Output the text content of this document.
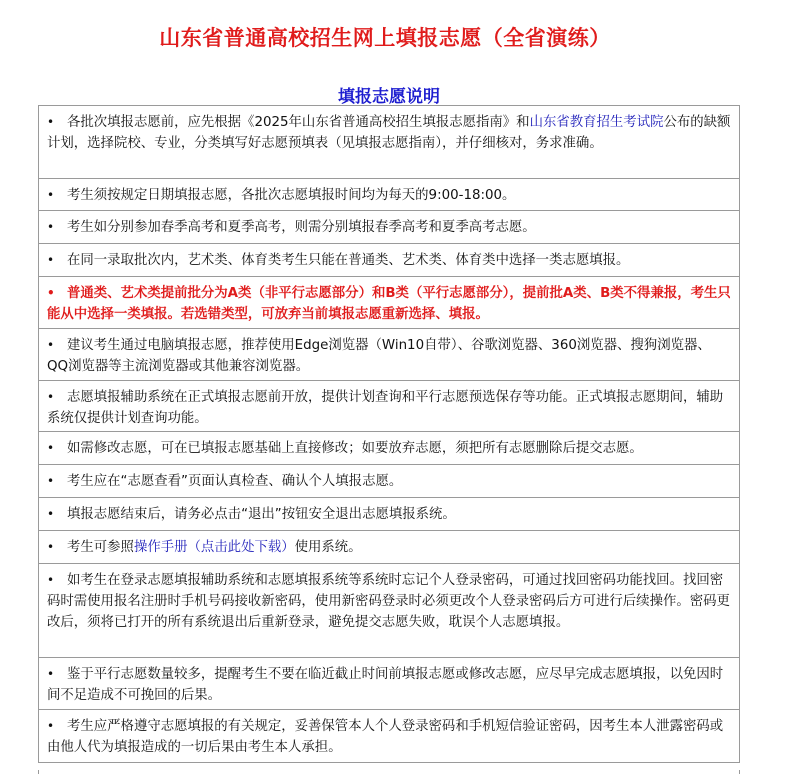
山东省普通高校招生网上填报志愿（全省演练）
填报志愿说明
• 各批次填报志愿前，应先根据《2025年山东省普通高校招生填报志愿指南》和山东省教育招生考试院公布的缺额计划，选择院校、专业，分类填写好志愿预填表（见填报志愿指南），并仔细核对，务求准确。
• 考生须按规定日期填报志愿，各批次志愿填报时间均为每天的9:00-18:00。
• 考生如分别参加春季高考和夏季高考，则需分别填报春季高考和夏季高考志愿。
• 在同一录取批次内，艺术类、体育类考生只能在普通类、艺术类、体育类中选择一类志愿填报。
• 普通类、艺术类提前批分为A类（非平行志愿部分）和B类（平行志愿部分），提前批A类、B类不得兼报，考生只能从中选择一类填报。若选错类型，可放弃当前填报志愿重新选择、填报。
• 建议考生通过电脑填报志愿，推荐使用Edge浏览器（Win10自带）、谷歌浏览器、360浏览器、搜狗浏览器、QQ浏览器等主流浏览器或其他兼容浏览器。
• 志愿填报辅助系统在正式填报志愿前开放，提供计划查询和平行志愿预选保存等功能。正式填报志愿期间，辅助系统仅提供计划查询功能。
• 如需修改志愿，可在已填报志愿基础上直接修改；如要放弃志愿，须把所有志愿删除后提交志愿。
• 考生应在“志愿查看”页面认真检查、确认个人填报志愿。
• 填报志愿结束后，请务必点击“退出”按钮安全退出志愿填报系统。
• 考生可参照操作手册（点击此处下载）使用系统。
• 如考生在登录志愿填报辅助系统和志愿填报系统等系统时忘记个人登录密码，可通过找回密码功能找回。找回密码时需使用报名注册时手机号码接收新密码，使用新密码登录时必须更改个人登录密码后方可进行后续操作。密码更改后，须将已打开的所有系统退出后重新登录，避免提交志愿失败，耽误个人志愿填报。
• 鉴于平行志愿数量较多，提醒考生不要在临近截止时间前填报志愿或修改志愿，应尽早完成志愿填报，以免因时间不足造成不可挽回的后果。
• 考生应严格遵守志愿填报的有关规定，妥善保管本人个人登录密码和手机短信验证密码，因考生本人泄露密码或由他人代为填报造成的一切后果由考生本人承担。
